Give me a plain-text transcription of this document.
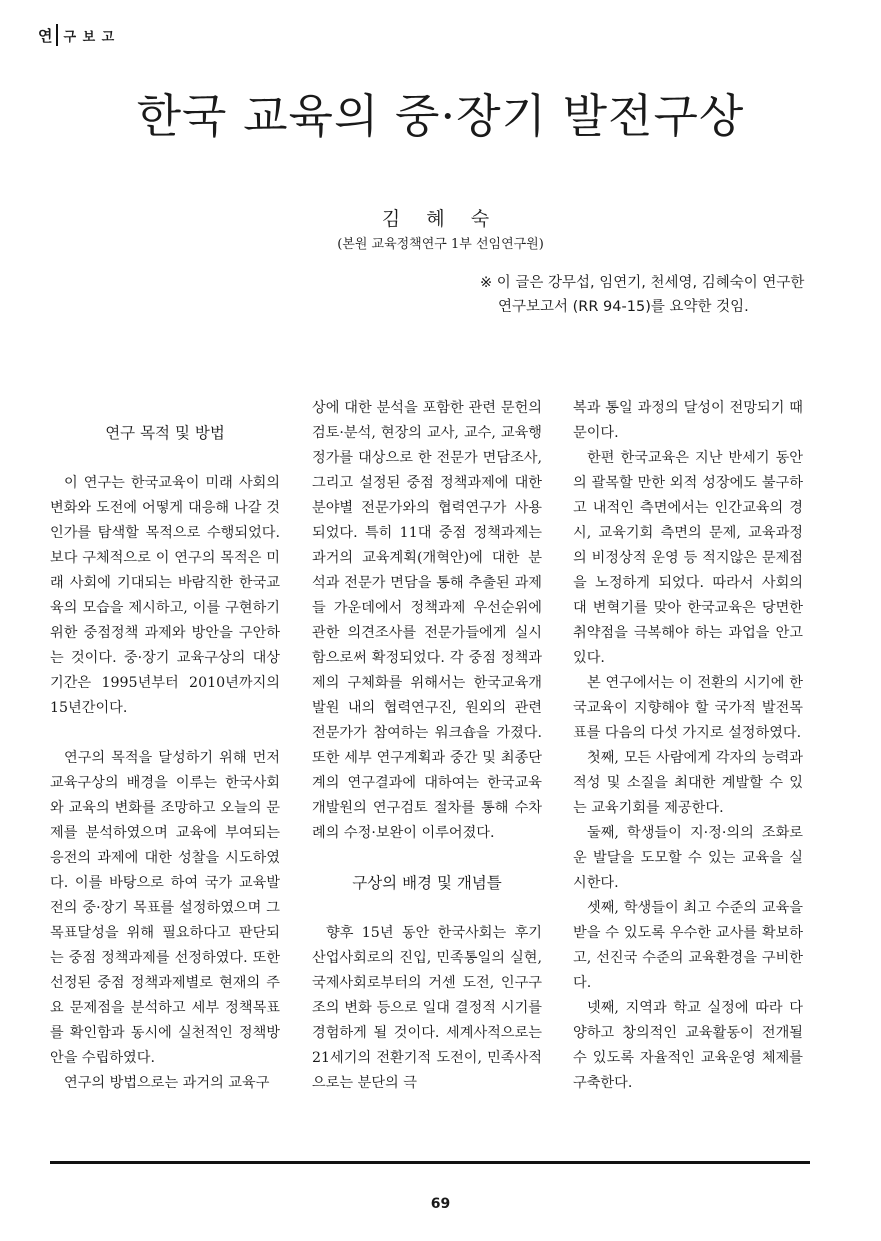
연 구 보 고
한국 교육의 중·장기 발전구상
김 혜 숙
(본원 교육정책연구 1부 선임연구원)
※ 이 글은 강무섭, 임연기, 천세영, 김혜숙이 연구한
연구보고서 (RR 94-15)를 요약한 것임.

연구 목적 및 방법

이 연구는 한국교육이 미래 사회의 변화와 도전에 어떻게 대응해 나갈 것인가를 탐색할 목적으로 수행되었다. 보다 구체적으로 이 연구의 목적은 미래 사회에 기대되는 바람직한 한국교육의 모습을 제시하고, 이를 구현하기 위한 중점정책 과제와 방안을 구안하는 것이다. 중·장기 교육구상의 대상기간은 1995년부터 2010년까지의 15년간이다.

연구의 목적을 달성하기 위해 먼저 교육구상의 배경을 이루는 한국사회와 교육의 변화를 조망하고 오늘의 문제를 분석하였으며 교육에 부여되는 응전의 과제에 대한 성찰을 시도하였다. 이를 바탕으로 하여 국가 교육발전의 중·장기 목표를 설정하였으며 그 목표달성을 위해 필요하다고 판단되는 중점 정책과제를 선정하였다. 또한 선정된 중점 정책과제별로 현재의 주요 문제점을 분석하고 세부 정책목표를 확인함과 동시에 실천적인 정책방안을 수립하였다.

연구의 방법으로는 과거의 교육구

상에 대한 분석을 포함한 관련 문헌의 검토·분석, 현장의 교사, 교수, 교육행정가를 대상으로 한 전문가 면담조사, 그리고 설정된 중점 정책과제에 대한 분야별 전문가와의 협력연구가 사용되었다. 특히 11대 중점 정책과제는 과거의 교육계획(개혁안)에 대한 분석과 전문가 면담을 통해 추출된 과제들 가운데에서 정책과제 우선순위에 관한 의견조사를 전문가들에게 실시함으로써 확정되었다. 각 중점 정책과제의 구체화를 위해서는 한국교육개발원 내의 협력연구진, 원외의 관련 전문가가 참여하는 워크숍을 가졌다. 또한 세부 연구계획과 중간 및 최종단계의 연구결과에 대하여는 한국교육개발원의 연구검토 절차를 통해 수차례의 수정·보완이 이루어졌다.

구상의 배경 및 개념틀

향후 15년 동안 한국사회는 후기 산업사회로의 진입, 민족통일의 실현, 국제사회로부터의 거센 도전, 인구구조의 변화 등으로 일대 결정적 시기를 경험하게 될 것이다. 세계사적으로는 21세기의 전환기적 도전이, 민족사적으로는 분단의 극

복과 통일 과정의 달성이 전망되기 때문이다.

한편 한국교육은 지난 반세기 동안의 괄목할 만한 외적 성장에도 불구하고 내적인 측면에서는 인간교육의 경시, 교육기회 측면의 문제, 교육과정의 비정상적 운영 등 적지않은 문제점을 노정하게 되었다. 따라서 사회의 대 변혁기를 맞아 한국교육은 당면한 취약점을 극복해야 하는 과업을 안고 있다.

본 연구에서는 이 전환의 시기에 한국교육이 지향해야 할 국가적 발전목표를 다음의 다섯 가지로 설정하였다.

첫째, 모든 사람에게 각자의 능력과 적성 및 소질을 최대한 계발할 수 있는 교육기회를 제공한다.

둘째, 학생들이 지·정·의의 조화로운 발달을 도모할 수 있는 교육을 실시한다.

셋째, 학생들이 최고 수준의 교육을 받을 수 있도록 우수한 교사를 확보하고, 선진국 수준의 교육환경을 구비한다.

넷째, 지역과 학교 실정에 따라 다양하고 창의적인 교육활동이 전개될 수 있도록 자율적인 교육운영 체제를 구축한다.

69
